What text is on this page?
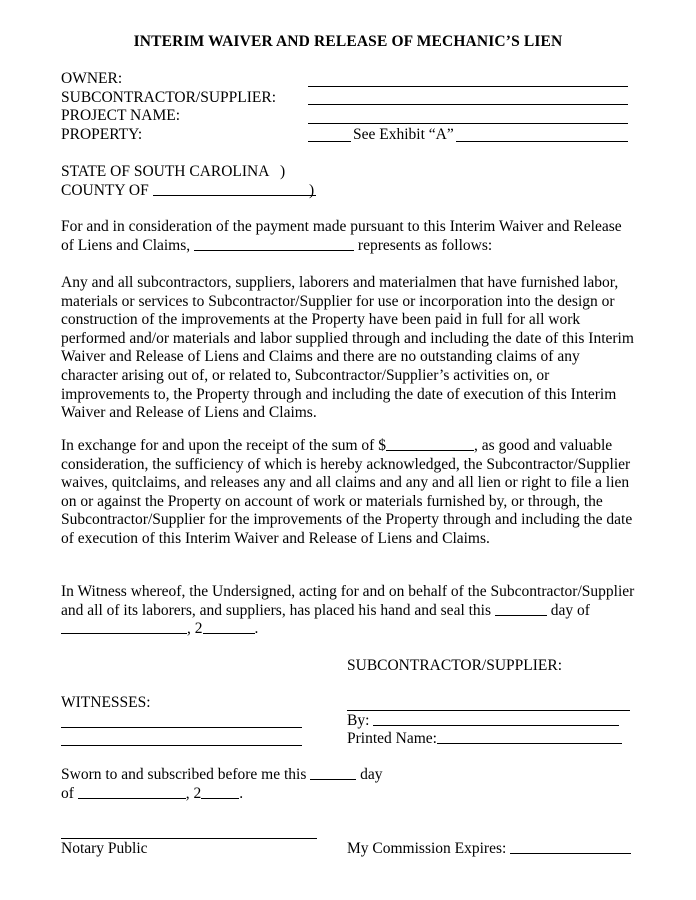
INTERIM WAIVER AND RELEASE OF MECHANIC’S LIEN
OWNER:
SUBCONTRACTOR/SUPPLIER:
PROJECT NAME:
PROPERTY:	See Exhibit “A”
STATE OF SOUTH CAROLINA )
COUNTY OF	)
For and in consideration of the payment made pursuant to this Interim Waiver and Release of Liens and Claims,	represents as follows:
Any and all subcontractors, suppliers, laborers and materialmen that have furnished labor, materials or services to Subcontractor/Supplier for use or incorporation into the design or construction of the improvements at the Property have been paid in full for all work performed and/or materials and labor supplied through and including the date of this Interim Waiver and Release of Liens and Claims and there are no outstanding claims of any character arising out of, or related to, Subcontractor/Supplier’s activities on, or improvements to, the Property through and including the date of execution of this Interim Waiver and Release of Liens and Claims.
In exchange for and upon the receipt of the sum of $	, as good and valuable consideration, the sufficiency of which is hereby acknowledged, the Subcontractor/Supplier waives, quitclaims, and releases any and all claims and any and all lien or right to file a lien on or against the Property on account of work or materials furnished by, or through, the Subcontractor/Supplier for the improvements of the Property through and including the date of execution of this Interim Waiver and Release of Liens and Claims.
In Witness whereof, the Undersigned, acting for and on behalf of the Subcontractor/Supplier and all of its laborers, and suppliers, has placed his hand and seal this	day of , 2	.
SUBCONTRACTOR/SUPPLIER:
WITNESSES:
By:
Printed Name:
Sworn to and subscribed before me this	day of	, 2 .
Notary Public	My Commission Expires:
